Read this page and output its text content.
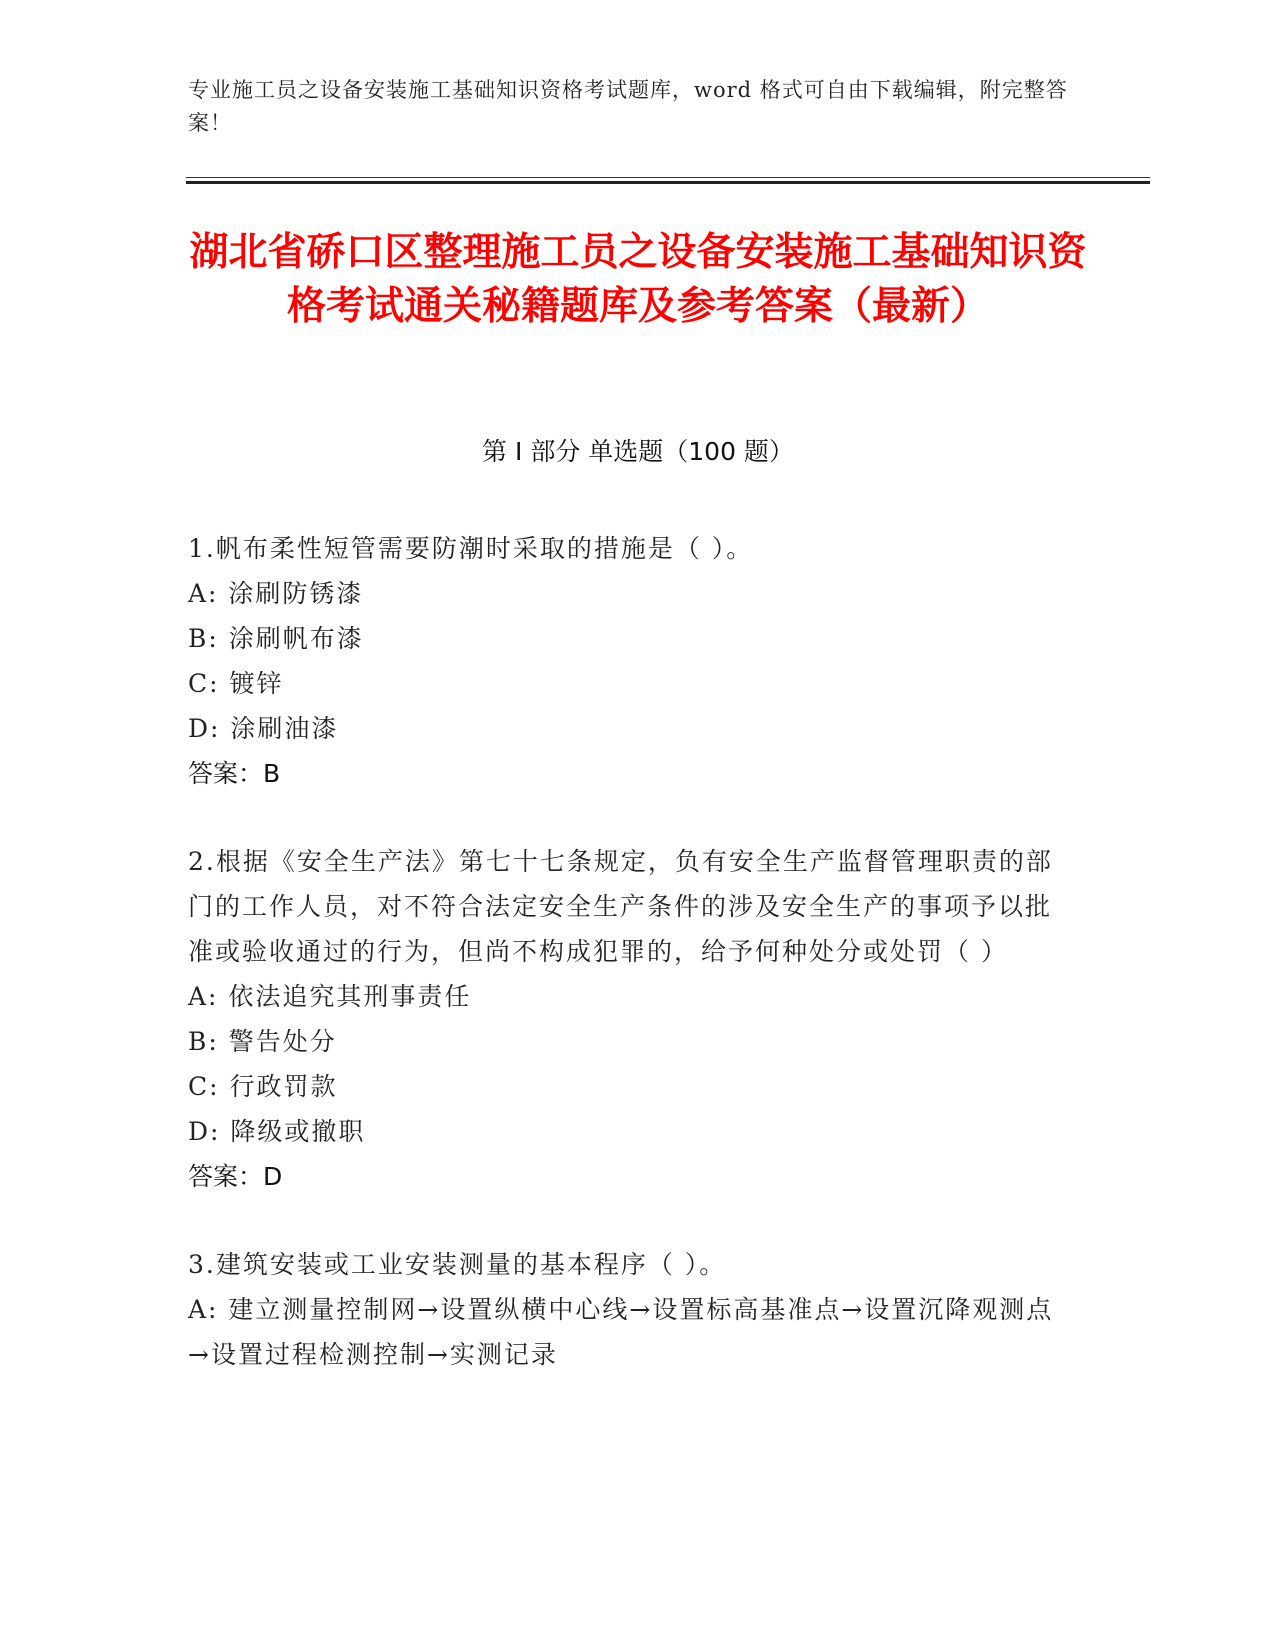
专业施工员之设备安装施工基础知识资格考试题库，word 格式可自由下载编辑，附完整答案！
湖北省硚口区整理施工员之设备安装施工基础知识资格考试通关秘籍题库及参考答案（最新）
第 I 部分 单选题（100 题）

1.帆布柔性短管需要防潮时采取的措施是（ ）。

A: 涂刷防锈漆

B: 涂刷帆布漆

C: 镀锌

D: 涂刷油漆

答案：B

2.根据《安全生产法》第七十七条规定，负有安全生产监督管理职责的部门的工作人员，对不符合法定安全生产条件的涉及安全生产的事项予以批准或验收通过的行为，但尚不构成犯罪的，给予何种处分或处罚（ ）

A: 依法追究其刑事责任

B: 警告处分

C: 行政罚款

D: 降级或撤职

答案：D

3.建筑安装或工业安装测量的基本程序（ ）。

A: 建立测量控制网→设置纵横中心线→设置标高基准点→设置沉降观测点→设置过程检测控制→实测记录
